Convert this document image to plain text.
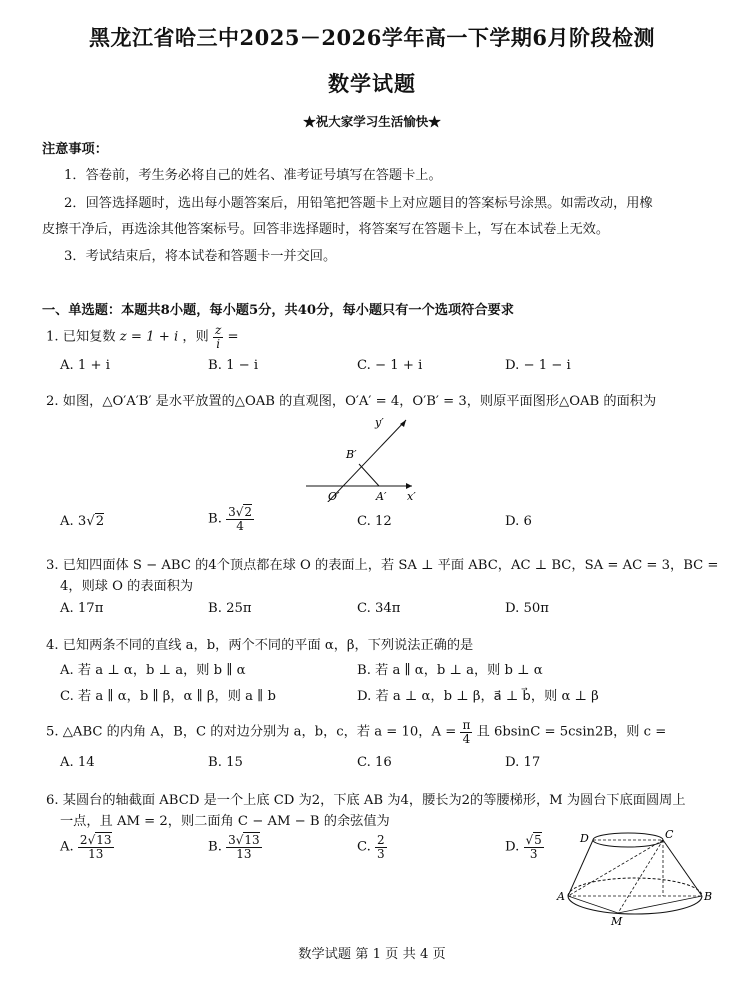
黑龙江省哈三中2025－2026学年高一下学期6月阶段检测
数学试题
★祝大家学习生活愉快★
注意事项：
1．答卷前，考生务必将自己的姓名、准考证号填写在答题卡上。
2．回答选择题时，选出每小题答案后，用铅笔把答题卡上对应题目的答案标号涂黑。如需改动，用橡
皮擦干净后，再选涂其他答案标号。回答非选择题时，将答案写在答题卡上，写在本试卷上无效。
3．考试结束后，将本试卷和答题卡一并交回。
一、单选题：本题共8小题，每小题5分，共40分，每小题只有一个选项符合要求
1. 已知复数 z = 1 + i ，则 $\frac{z}{i}$ =
A. 1 + i	B. 1 − i	C. − 1 + i	D. − 1 − i
2. 如图，△O′A′B′ 是水平放置的△OAB 的直观图，O′A′ = 4，O′B′ = 3，则原平面图形△OAB 的面积为
y′
B′
O′	A′ x′
A. 3√2	B. $\frac{3√2}{4}$	C. 12	D. 6
3. 已知四面体 S − ABC 的4个顶点都在球 O 的表面上，若 SA ⊥ 平面 ABC，AC ⊥ BC，SA = AC = 3，BC =
4，则球 O 的表面积为
A. 17π	B. 25π	C. 34π	D. 50π
4. 已知两条不同的直线 a，b，两个不同的平面 α，β，下列说法正确的是
A. 若 a ⊥ α，b ⊥ a，则 b ∥ α	B. 若 a ∥ α，b ⊥ a，则 b ⊥ α
C. 若 a ∥ α，b ∥ β，α ∥ β，则 a ∥ b	D. 若 a ⊥ α，b ⊥ β，a⃗ ⊥ b⃗，则 α ⊥ β
5. △ABC 的内角 A，B，C 的对边分别为 a，b，c，若 a = 10，$A = \frac{\pi}{4}$ 且 6bsinC = 5csin2B，则 c =
A. 14	B. 15	C. 16	D. 17
6. 某圆台的轴截面 ABCD 是一个上底 CD 为2，下底 AB 为4，腰长为2的等腰梯形，M 为圆台下底面圆周上
一点，且 AM = 2，则二面角 C − AM − B 的余弦值为
A. $\frac{2√13}{13}$	B. $\frac{3√13}{13}$	C. $\frac{2}{3}$	D. $\frac{√5}{3}$	D	C
A	B
M
数学试题 第 1 页 共 4 页
